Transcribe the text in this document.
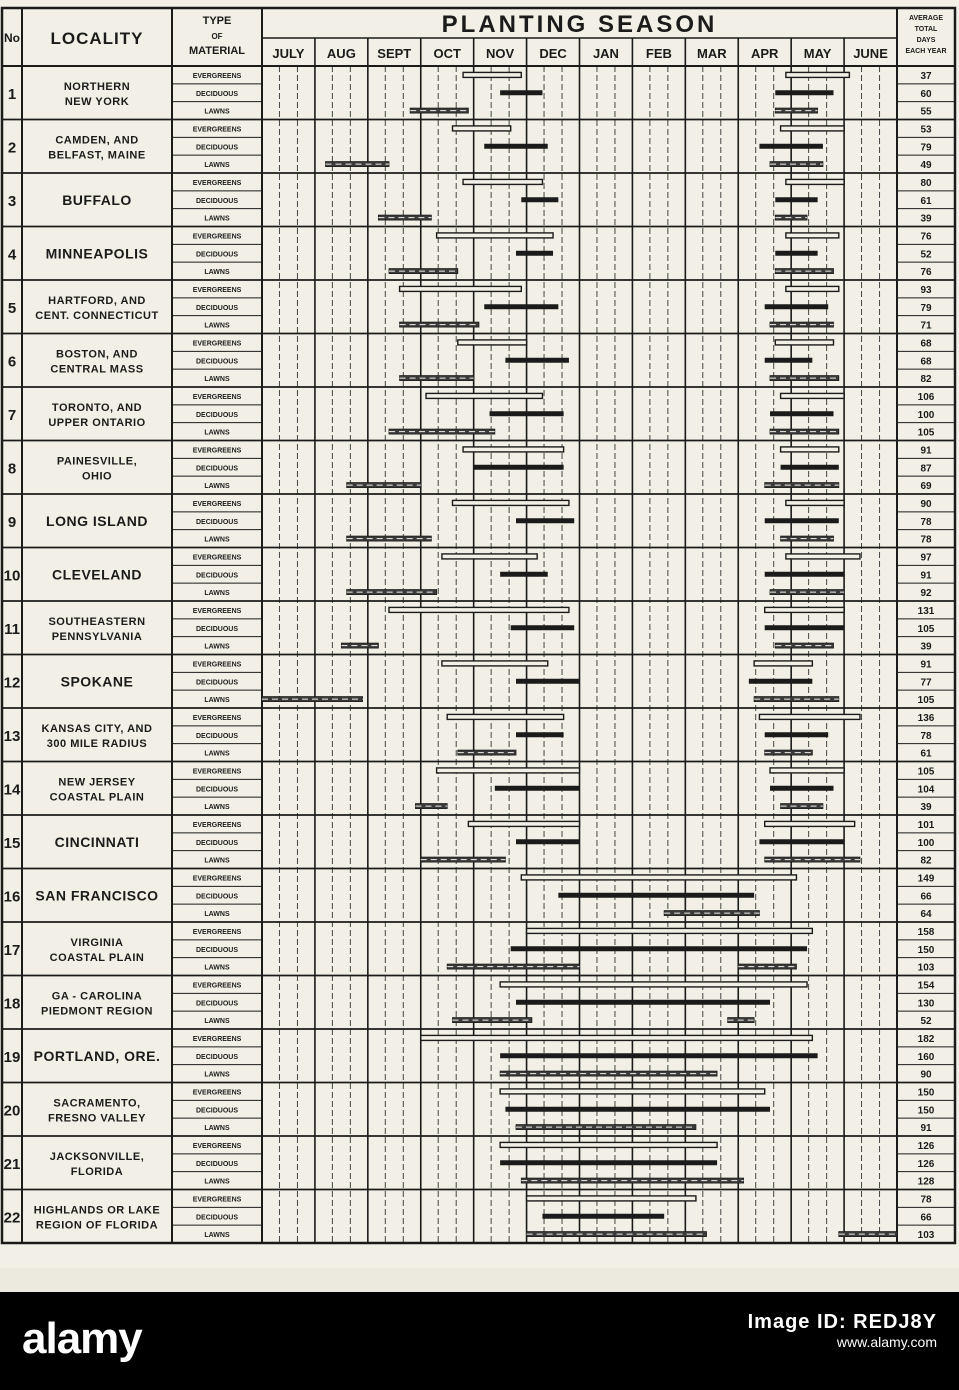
No LOCALITY
TYPE
OF
MATERIAL
PLANTING SEASON	AVERAGE
TOTAL
DAYS
EACH YEAR
JULY AUG SEPT OCT NOV DEC JAN FEB MAR APR MAY JUNE
1	NORTHERN
NEW YORK
EVERGREENS	37
DECIDUOUS	60
LAWNS	55
2	CAMDEN, AND
BELFAST, MAINE
EVERGREENS	53
DECIDUOUS	79
LAWNS	49
3	BUFFALO
EVERGREENS	80
DECIDUOUS	61
LAWNS	39
4 MINNEAPOLIS
EVERGREENS	76
DECIDUOUS	52
LAWNS	76
5	HARTFORD, AND
CENT. CONNECTICUT
EVERGREENS	93
DECIDUOUS	79
LAWNS	71
6	BOSTON, AND
CENTRAL MASS
EVERGREENS	68
DECIDUOUS	68
LAWNS	82
7	TORONTO, AND
UPPER ONTARIO
EVERGREENS	106
DECIDUOUS	100
LAWNS	105
8	PAINESVILLE,
OHIO
EVERGREENS	91
DECIDUOUS	87
LAWNS	69
9 LONG ISLAND
EVERGREENS	90
DECIDUOUS	78
LAWNS	78
10 CLEVELAND
EVERGREENS	97
DECIDUOUS	91
LAWNS	92
11	SOUTHEASTERN
PENNSYLVANIA
EVERGREENS	131
DECIDUOUS	105
LAWNS	39
12	SPOKANE
EVERGREENS	91
DECIDUOUS	77
LAWNS	105
13 KANSAS CITY, AND
300 MILE RADIUS
EVERGREENS	136
DECIDUOUS	78
LAWNS	61
14	NEW JERSEY
COASTAL PLAIN
EVERGREENS	105
DECIDUOUS	104
LAWNS	39
15 CINCINNATI
EVERGREENS	101
DECIDUOUS	100
LAWNS	82
16 SAN FRANCISCO
EVERGREENS	149
DECIDUOUS	66
LAWNS	64
17	VIRGINIA
COASTAL PLAIN
EVERGREENS	158
DECIDUOUS	150
LAWNS	103
18	GA - CAROLINA
PIEDMONT REGION
EVERGREENS	154
DECIDUOUS	130
LAWNS	52
19 PORTLAND, ORE.
EVERGREENS	182
DECIDUOUS	160
LAWNS	90
20	SACRAMENTO,
FRESNO VALLEY
EVERGREENS	150
DECIDUOUS	150
LAWNS	91
21	JACKSONVILLE,
FLORIDA
EVERGREENS	126
DECIDUOUS	126
LAWNS	128
22 HIGHLANDS OR LAKE
REGION OF FLORIDA
EVERGREENS	78
DECIDUOUS	66
LAWNS	103
alamy	Image ID: REDJ8Y
www.alamy.com
